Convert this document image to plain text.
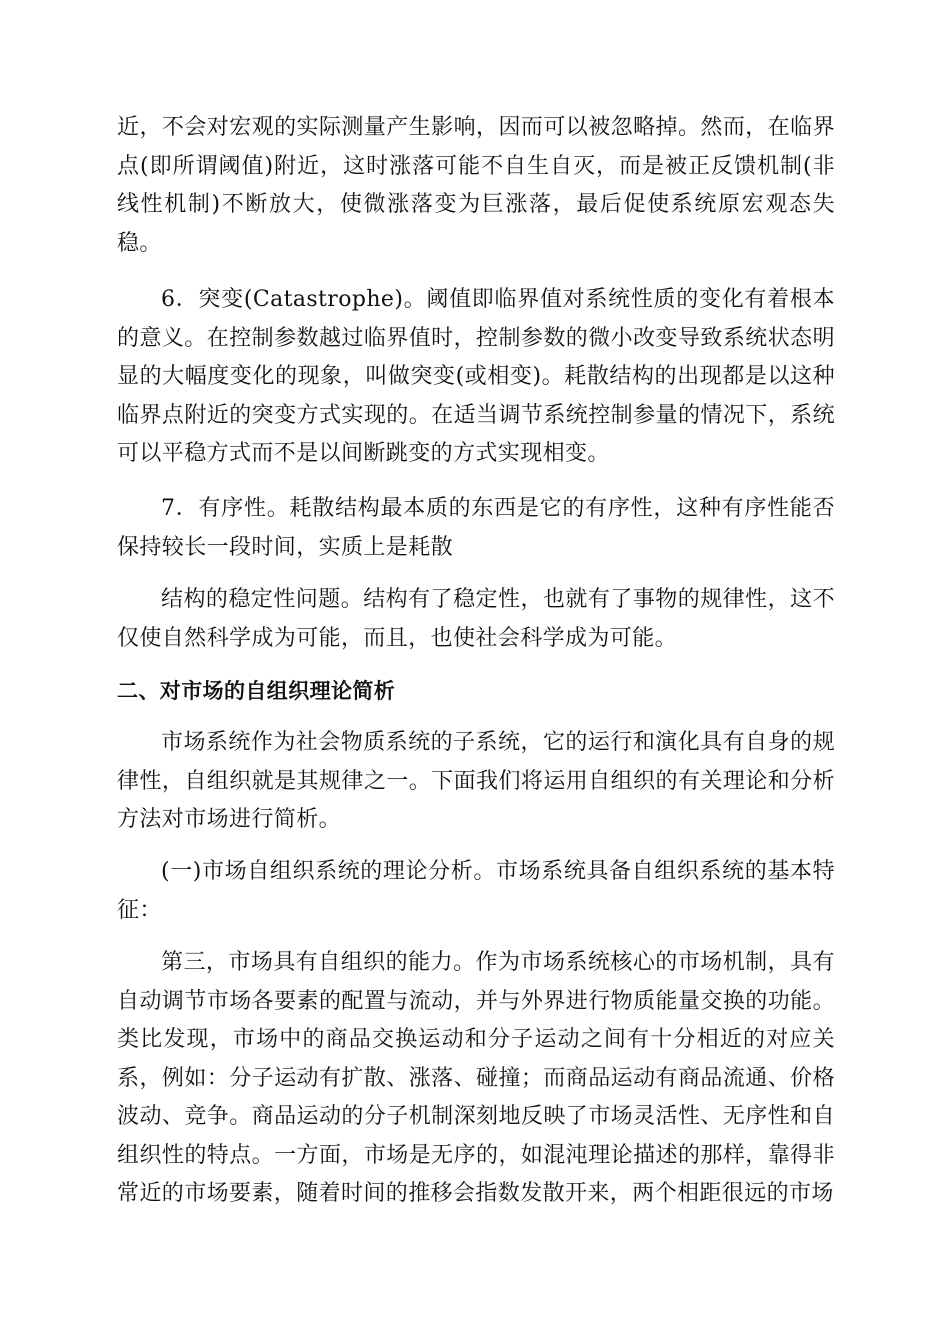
近，不会对宏观的实际测量产生影响，因而可以被忽略掉。然而，在临界点(即所谓阈值)附近，这时涨落可能不自生自灭，而是被正反馈机制(非线性机制)不断放大，使微涨落变为巨涨落，最后促使系统原宏观态失稳。

6．突变(Catastrophe)。阈值即临界值对系统性质的变化有着根本的意义。在控制参数越过临界值时，控制参数的微小改变导致系统状态明显的大幅度变化的现象，叫做突变(或相变)。耗散结构的出现都是以这种临界点附近的突变方式实现的。在适当调节系统控制参量的情况下，系统可以平稳方式而不是以间断跳变的方式实现相变。

7．有序性。耗散结构最本质的东西是它的有序性，这种有序性能否保持较长一段时间，实质上是耗散

结构的稳定性问题。结构有了稳定性，也就有了事物的规律性，这不仅使自然科学成为可能，而且，也使社会科学成为可能。

二、对市场的自组织理论简析

市场系统作为社会物质系统的子系统，它的运行和演化具有自身的规律性，自组织就是其规律之一。下面我们将运用自组织的有关理论和分析方法对市场进行简析。

(一)市场自组织系统的理论分析。市场系统具备自组织系统的基本特征：

第三，市场具有自组织的能力。作为市场系统核心的市场机制，具有自动调节市场各要素的配置与流动，并与外界进行物质能量交换的功能。类比发现，市场中的商品交换运动和分子运动之间有十分相近的对应关系，例如：分子运动有扩散、涨落、碰撞；而商品运动有商品流通、价格波动、竞争。商品运动的分子机制深刻地反映了市场灵活性、无序性和自组织性的特点。一方面，市场是无序的，如混沌理论描述的那样，靠得非常近的市场要素，随着时间的推移会指数发散开来，两个相距很远的市场
